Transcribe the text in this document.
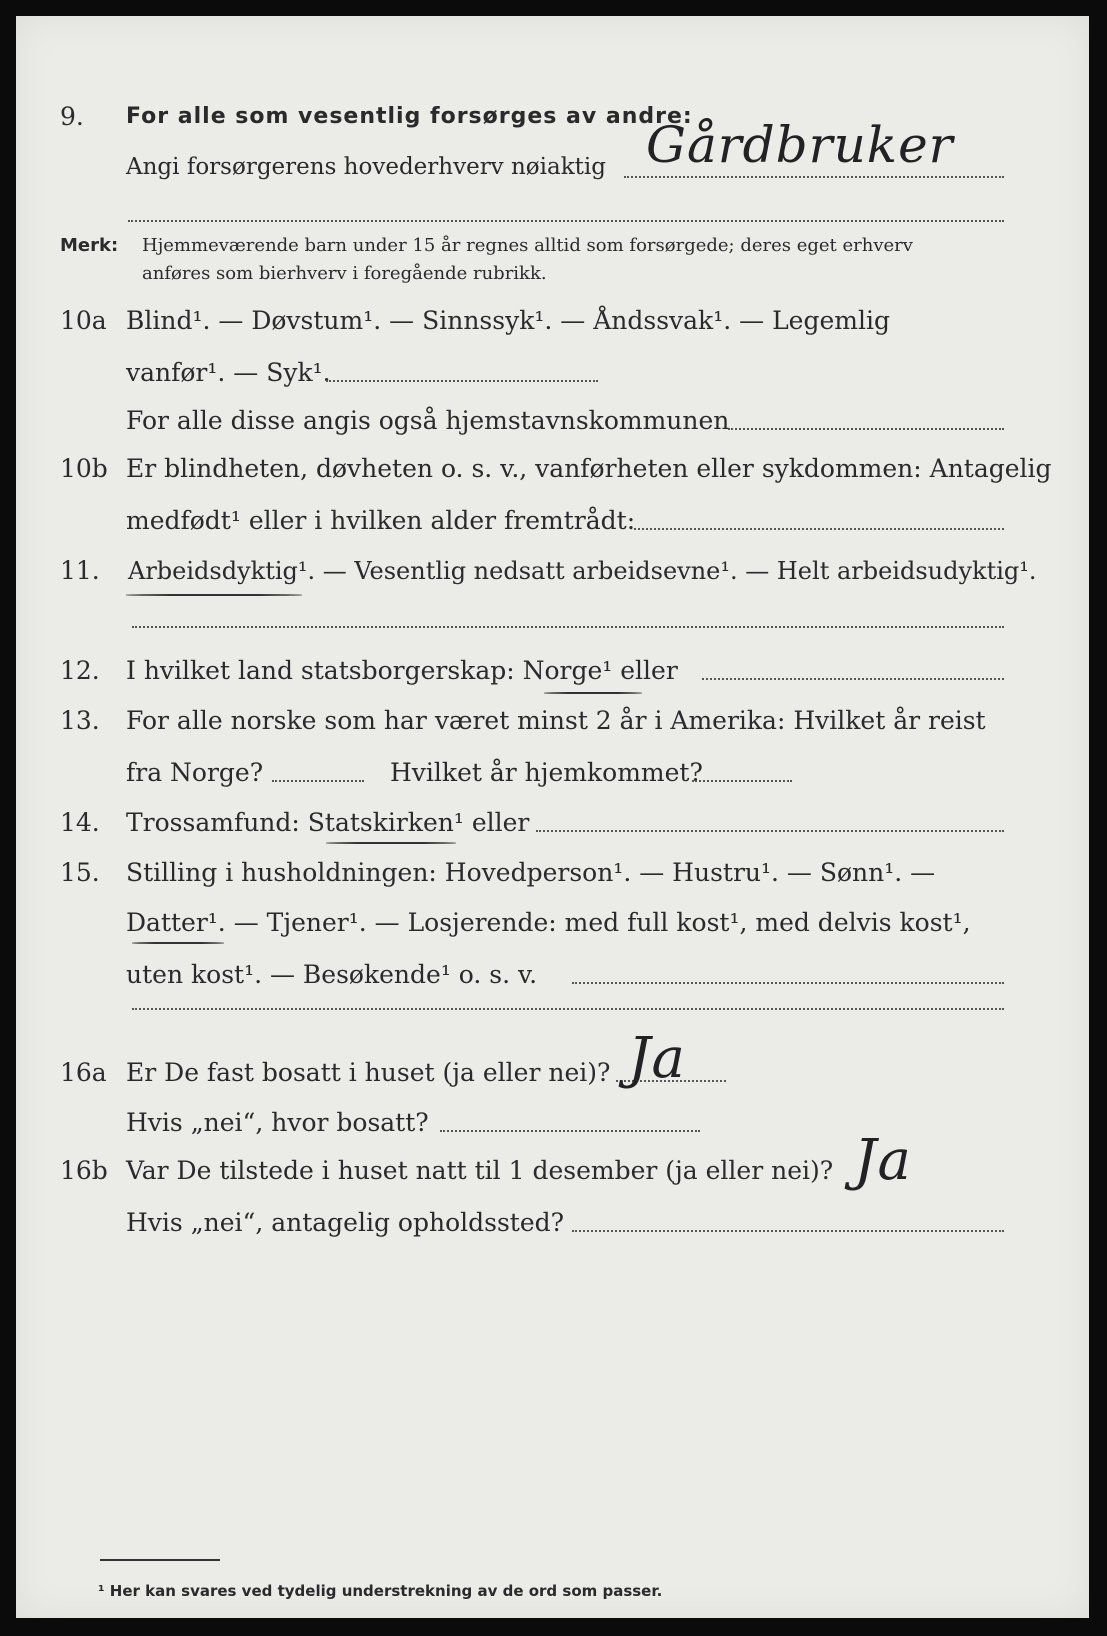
9. For alle som vesentlig forsørges av andre:
Angi forsørgerens hovederhverv nøiaktig Gårdbruker
Merk: Hjemmeværende barn under 15 år regnes alltid som forsørgede; deres eget erhverv
anføres som bierhverv i foregående rubrikk.
10a Blind¹. — Døvstum¹. — Sinnssyk¹. — Åndssvak¹. — Legemlig
vanfør¹. — Syk¹.
For alle disse angis også hjemstavnskommunen
10b Er blindheten, døvheten o. s. v., vanførheten eller sykdommen: Antagelig
medfødt¹ eller i hvilken alder fremtrådt:
11. Arbeidsdyktig¹. — Vesentlig nedsatt arbeidsevne¹. — Helt arbeidsudyktig¹.
12. I hvilket land statsborgerskap: Norge¹ eller
13. For alle norske som har været minst 2 år i Amerika: Hvilket år reist
fra Norge?	Hvilket år hjemkommet?
14. Trossamfund: Statskirken¹ eller
15. Stilling i husholdningen: Hovedperson¹. — Hustru¹. — Sønn¹. —
Datter¹. — Tjener¹. — Losjerende: med full kost¹, med delvis kost¹,
uten kost¹. — Besøkende¹ o. s. v.
16a Er De fast bosatt i huset (ja eller nei)? Ja
Hvis „nei“, hvor bosatt?
16b Var De tilstede i huset natt til 1 desember (ja eller nei)? Ja
Hvis „nei“, antagelig opholdssted?
¹ Her kan svares ved tydelig understrekning av de ord som passer.
